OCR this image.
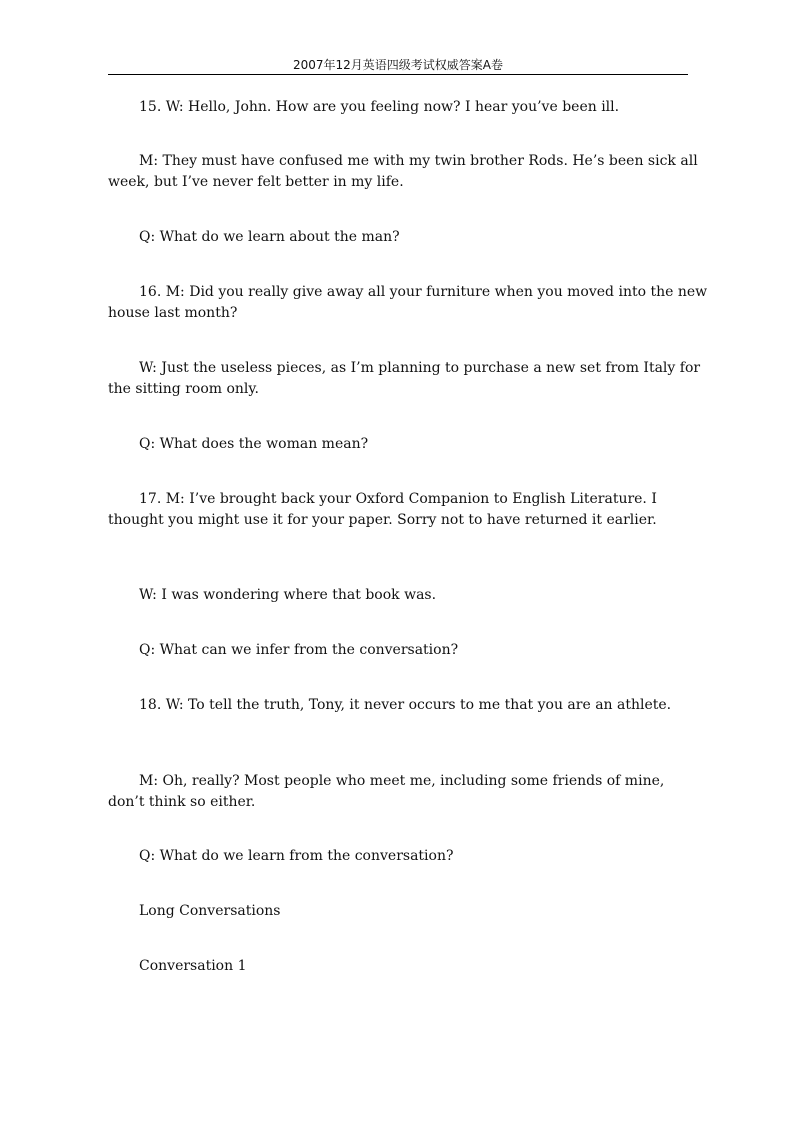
2007年12月英语四级考试权威答案A卷
15. W: Hello, John. How are you feeling now? I hear you’ve been ill.
M: They must have confused me with my twin brother Rods. He’s been sick all week, but I’ve never felt better in my life.
Q: What do we learn about the man?
16. M: Did you really give away all your furniture when you moved into the new house last month?
W: Just the useless pieces, as I’m planning to purchase a new set from Italy for the sitting room only.
Q: What does the woman mean?
17. M: I’ve brought back your Oxford Companion to English Literature. I thought you might use it for your paper. Sorry not to have returned it earlier.
W: I was wondering where that book was.
Q: What can we infer from the conversation?
18. W: To tell the truth, Tony, it never occurs to me that you are an athlete.
M: Oh, really? Most people who meet me, including some friends of mine, don’t think so either.
Q: What do we learn from the conversation?
Long Conversations
Conversation 1
